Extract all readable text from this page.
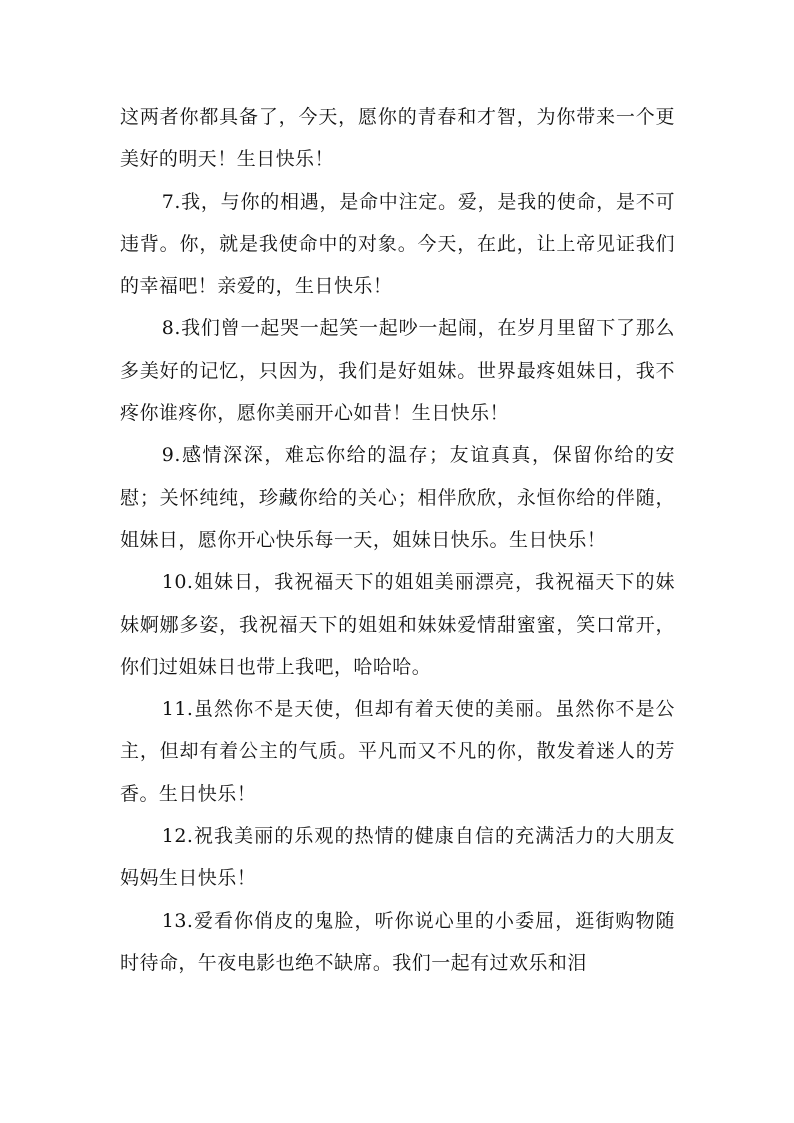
这两者你都具备了，今天，愿你的青春和才智，为你带来一个更美好的明天！生日快乐！

7.我，与你的相遇，是命中注定。爱，是我的使命，是不可违背。你，就是我使命中的对象。今天，在此，让上帝见证我们的幸福吧！亲爱的，生日快乐！

8.我们曾一起哭一起笑一起吵一起闹，在岁月里留下了那么多美好的记忆，只因为，我们是好姐妹。世界最疼姐妹日，我不疼你谁疼你，愿你美丽开心如昔！生日快乐！

9.感情深深，难忘你给的温存；友谊真真，保留你给的安慰；关怀纯纯，珍藏你给的关心；相伴欣欣，永恒你给的伴随，姐妹日，愿你开心快乐每一天，姐妹日快乐。生日快乐！

10.姐妹日，我祝福天下的姐姐美丽漂亮，我祝福天下的妹妹婀娜多姿，我祝福天下的姐姐和妹妹爱情甜蜜蜜，笑口常开，你们过姐妹日也带上我吧，哈哈哈。

11.虽然你不是天使，但却有着天使的美丽。虽然你不是公主，但却有着公主的气质。平凡而又不凡的你，散发着迷人的芳香。生日快乐！

12.祝我美丽的乐观的热情的健康自信的充满活力的大朋友妈妈生日快乐！

13.爱看你俏皮的鬼脸，听你说心里的小委屈，逛街购物随时待命，午夜电影也绝不缺席。我们一起有过欢乐和泪
